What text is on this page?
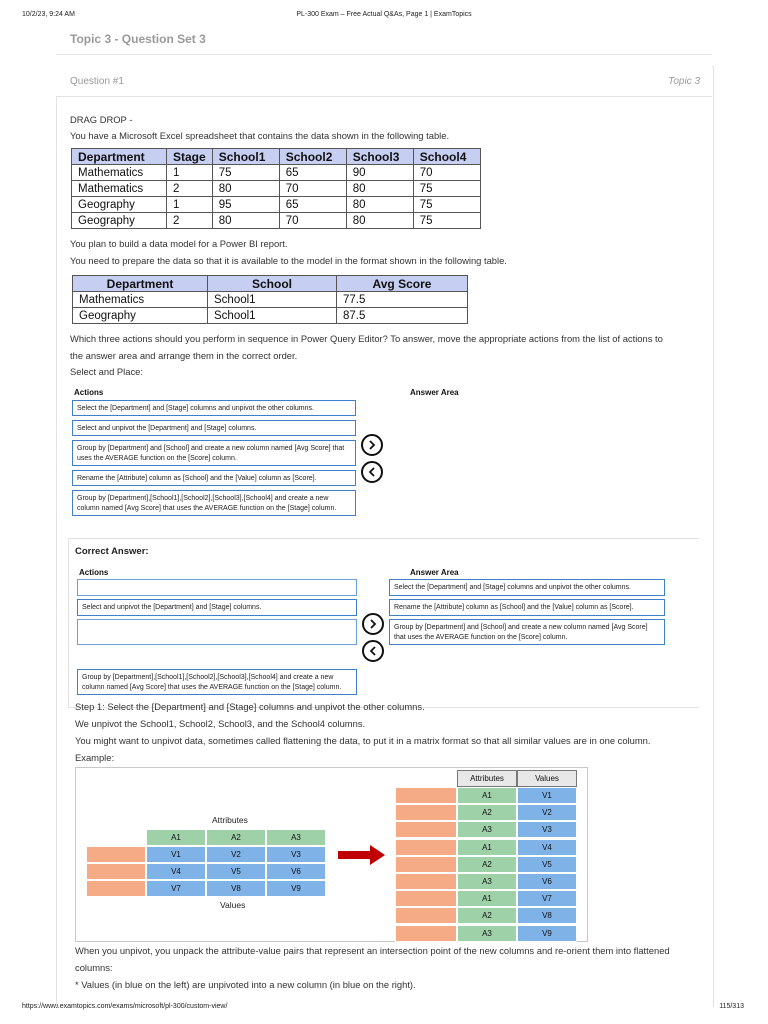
10/2/23, 9:24 AM	PL-300 Exam – Free Actual Q&As, Page 1 | ExamTopics
https://www.examtopics.com/exams/microsoft/pl-300/custom-view/	115/313
Topic 3 - Question Set 3
Question #1	Topic 3
DRAG DROP -
You have a Microsoft Excel spreadsheet that contains the data shown in the following table.
Department	Stage	School1	School2	School3	School4
Mathematics	1	75	65	90	70
Mathematics	2	80	70	80	75
Geography	1	95	65	80	75
Geography	2	80	70	80	75
You plan to build a data model for a Power BI report.
You need to prepare the data so that it is available to the model in the format shown in the following table.
Department	School	Avg Score
Mathematics	School1	77.5
Geography	School1	87.5
Which three actions should you perform in sequence in Power Query Editor? To answer, move the appropriate actions from the list of actions to
the answer area and arrange them in the correct order.
Select and Place:
Actions	Answer Area
Select the [Department] and [Stage] columns and unpivot the other columns.
Select and unpivot the [Department] and [Stage] columns.
Group by [Department] and [School] and create a new column named [Avg Score] that uses the AVERAGE function on the [Score] column.
Rename the [Attribute] column as [School] and the [Value] column as [Score].
Group by [Department],[School1],[School2],[School3],[School4] and create a new column named [Avg Score] that uses the AVERAGE function on the [Stage] column.
Correct Answer:
Actions	Answer Area
Select and unpivot the [Department] and [Stage] columns.
Group by [Department],[School1],[School2],[School3],[School4] and create a new column named [Avg Score] that uses the AVERAGE function on the [Stage] column.
Select the [Department] and [Stage] columns and unpivot the other columns.
Rename the [Attribute] column as [School] and the [Value] column as [Score].
Group by [Department] and [School] and create a new column named [Avg Score] that uses the AVERAGE function on the [Score] column.
Step 1: Select the [Department] and [Stage] columns and unpivot the other columns.
We unpivot the School1, School2, School3, and the School4 columns.
You might want to unpivot data, sometimes called flattening the data, to put it in a matrix format so that all similar values are in one column.
Example:
Attributes
Values
A1	A2	A3
V1	V2	V3
V4	V5	V6
V7	V8	V9
Attributes	Values
A1	V1
A2	V2
A3	V3
A1	V4
A2	V5
A3	V6
A1	V7
A2	V8
A3	V9
When you unpivot, you unpack the attribute-value pairs that represent an intersection point of the new columns and re-orient them into flattened
columns:
* Values (in blue on the left) are unpivoted into a new column (in blue on the right).
